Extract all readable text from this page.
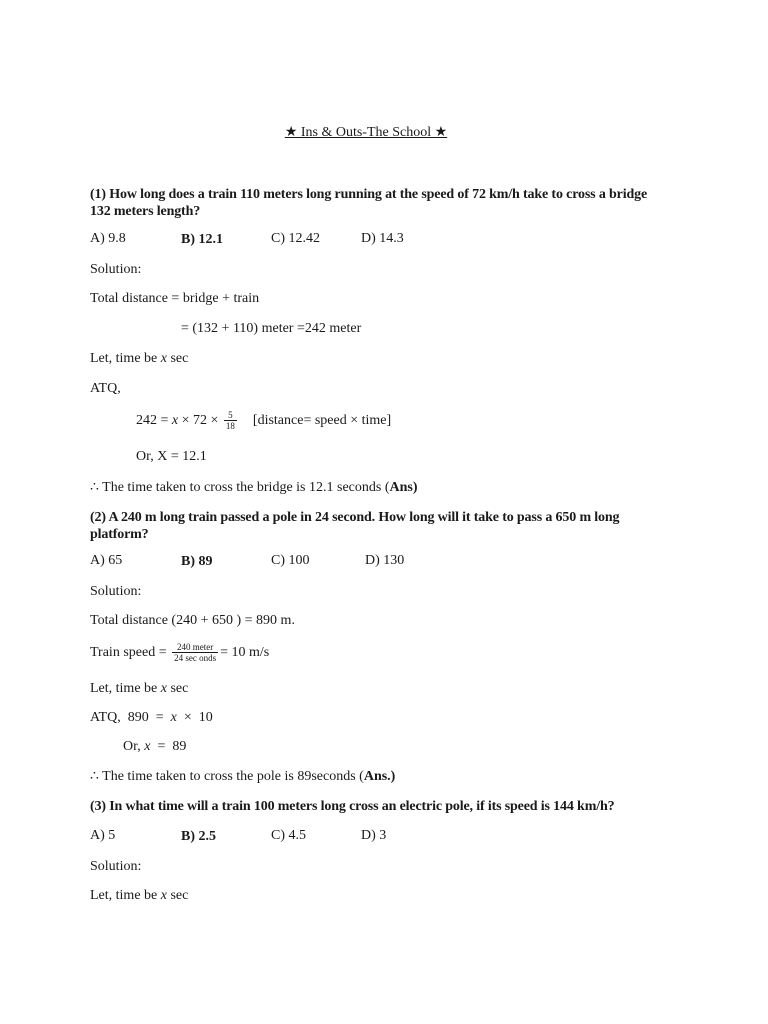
★ Ins & Outs-The School ★
(1) How long does a train 110 meters long running at the speed of 72 km/h take to cross a bridge 132 meters length?
A) 9.8	B) 12.1	C) 12.42	D) 14.3
Solution:
Total distance = bridge + train
= (132 + 110) meter =242 meter
Let, time be x sec
ATQ,
$242 = x \times 72 \times \frac{5}{18}$ [distance= speed × time]
Or, X = 12.1
∴ The time taken to cross the bridge is 12.1 seconds (Ans)
(2) A 240 m long train passed a pole in 24 second. How long will it take to pass a 650 m long platform?
A) 65	B) 89	C) 100	D) 130
Solution:
Total distance (240 + 650 ) = 890 m.
Train speed = $\frac{\text{240 meter}}{\text{24 sec onds}} = 10$ m/s
Let, time be x sec
ATQ,  890  =  x  ×  10
Or, x  =  89
∴ The time taken to cross the pole is 89seconds (Ans.)
(3) In what time will a train 100 meters long cross an electric pole, if its speed is 144 km/h?
A) 5	B) 2.5	C) 4.5	D) 3
Solution:
Let, time be x sec
